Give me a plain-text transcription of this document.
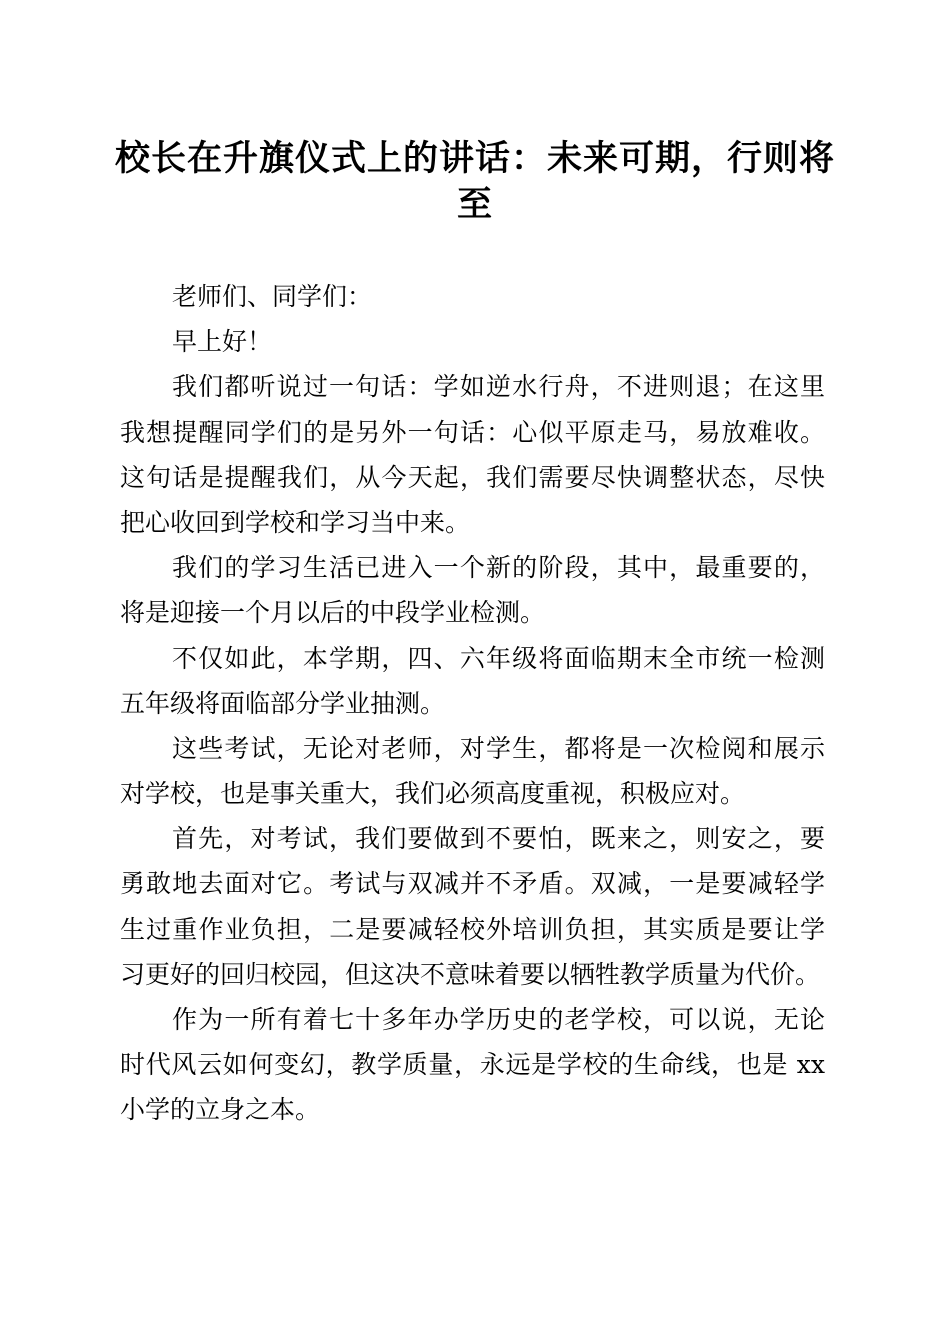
校长在升旗仪式上的讲话：未来可期，行则将
至
老师们、同学们：
早上好！
我们都听说过一句话：学如逆水行舟，不进则退；在这里
我想提醒同学们的是另外一句话：心似平原走马，易放难收。
这句话是提醒我们，从今天起，我们需要尽快调整状态，尽快
把心收回到学校和学习当中来。
我们的学习生活已进入一个新的阶段，其中，最重要的，
将是迎接一个月以后的中段学业检测。
不仅如此，本学期，四、六年级将面临期末全市统一检测
五年级将面临部分学业抽测。
这些考试，无论对老师，对学生，都将是一次检阅和展示
对学校，也是事关重大，我们必须高度重视，积极应对。
首先，对考试，我们要做到不要怕，既来之，则安之，要
勇敢地去面对它。考试与双减并不矛盾。双减，一是要减轻学
生过重作业负担，二是要减轻校外培训负担，其实质是要让学
习更好的回归校园，但这决不意味着要以牺牲教学质量为代价。
作为一所有着七十多年办学历史的老学校，可以说，无论
时代风云如何变幻，教学质量，永远是学校的生命线，也是 xx
小学的立身之本。
